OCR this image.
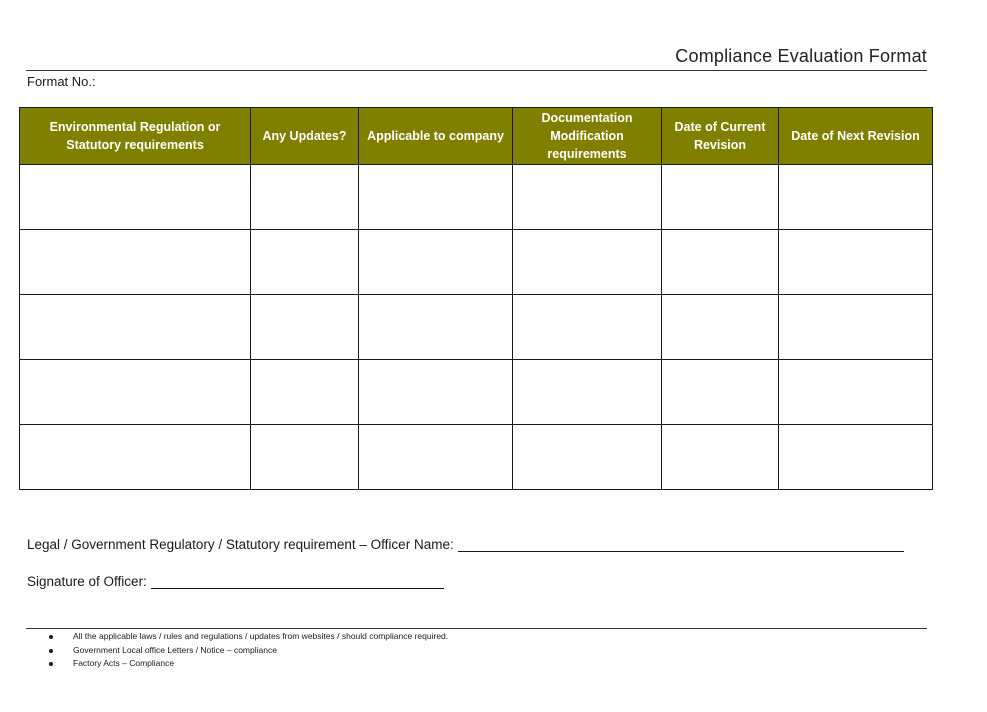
Compliance Evaluation Format
Format No.:
Environmental Regulation or Statutory requirements	Any Updates?	Applicable to company	Documentation Modification requirements	Date of Current Revision	Date of Next Revision

Legal / Government Regulatory / Statutory requirement – Officer Name:
Signature of Officer:
All the applicable laws / rules and regulations / updates from websites / should compliance required.
Government Local office Letters / Notice – compliance
Factory Acts – Compliance
